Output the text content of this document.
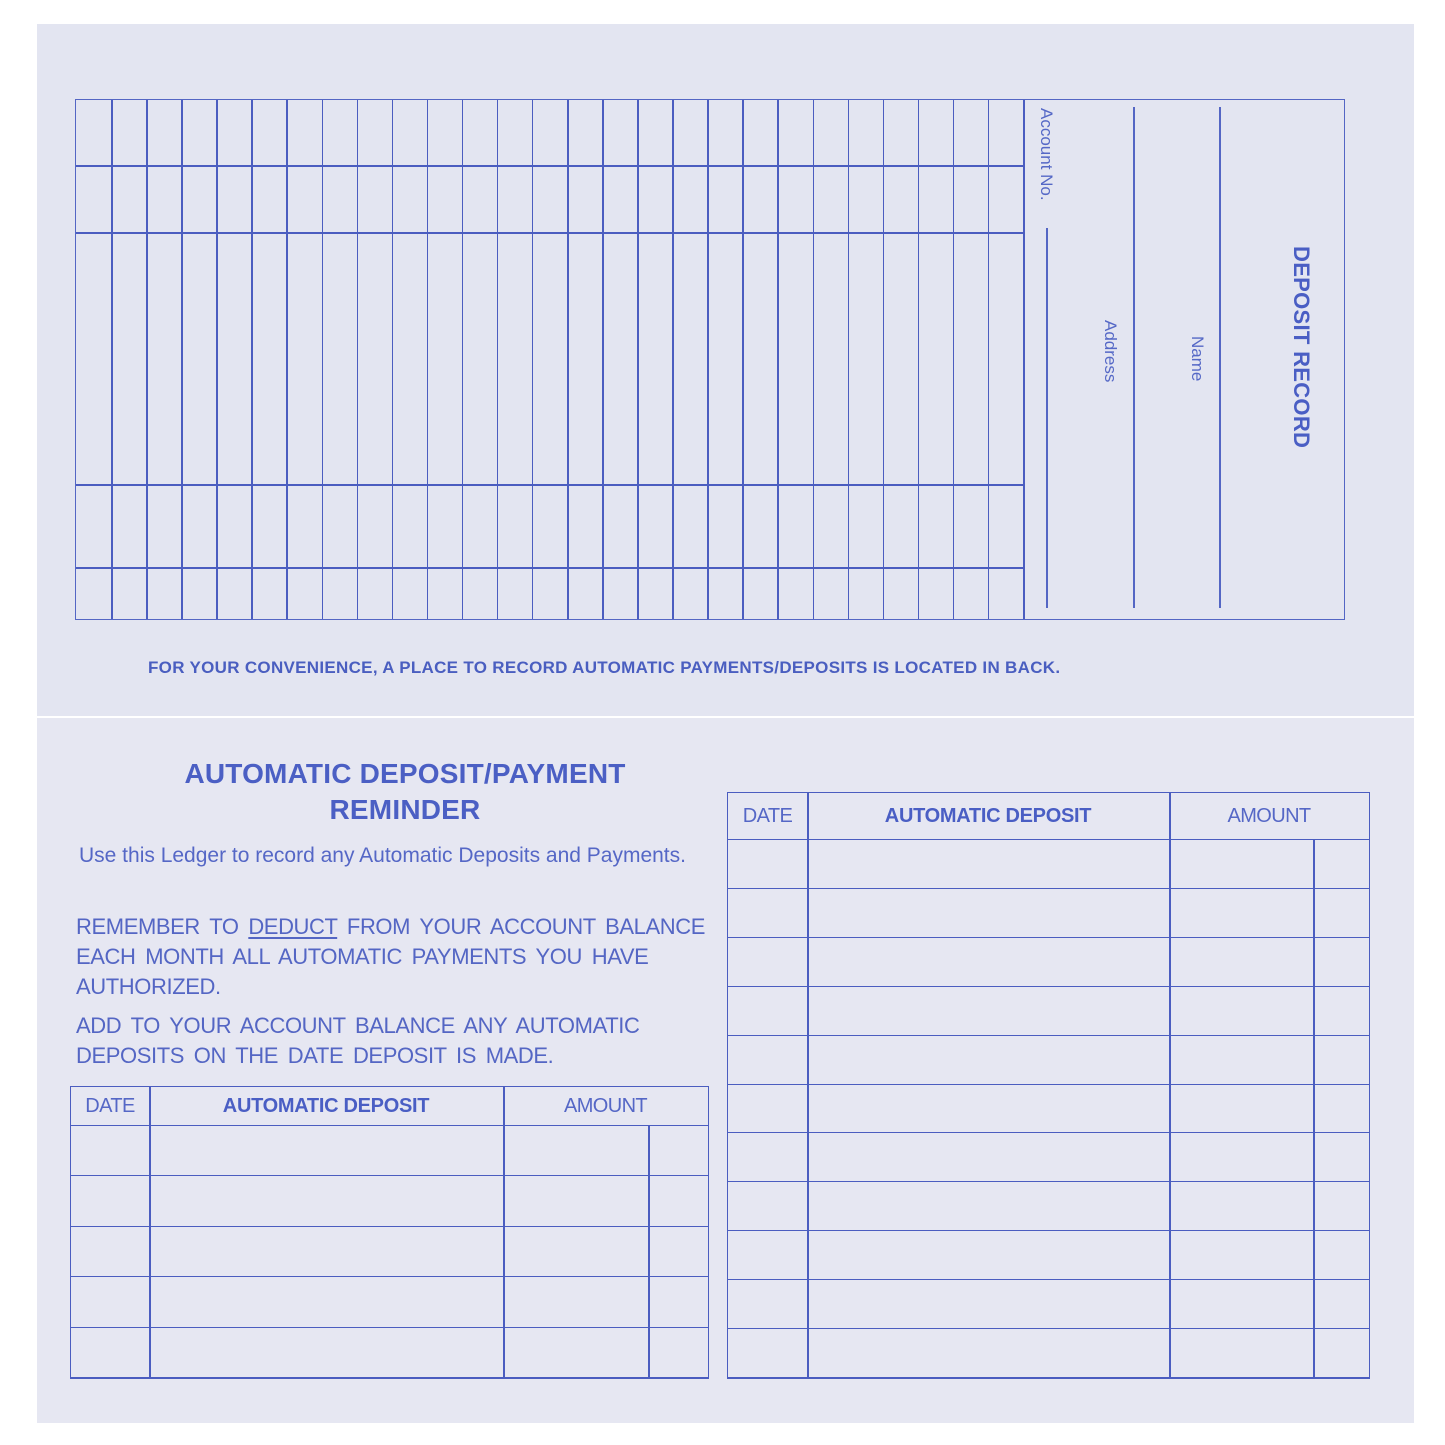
Account No.
Address	Name	DEPOSIT RECORD
FOR YOUR CONVENIENCE, A PLACE TO RECORD AUTOMATIC PAYMENTS/DEPOSITS IS LOCATED IN BACK.
AUTOMATIC DEPOSIT/PAYMENT
REMINDER
Use this Ledger to record any Automatic Deposits and Payments.
REMEMBER TO DEDUCT FROM YOUR ACCOUNT BALANCE EACH MONTH ALL AUTOMATIC PAYMENTS YOU HAVE AUTHORIZED.
ADD TO YOUR ACCOUNT BALANCE ANY AUTOMATIC DEPOSITS ON THE DATE DEPOSIT IS MADE.
DATE	AUTOMATIC DEPOSIT	AMOUNT
DATE	AUTOMATIC DEPOSIT	AMOUNT
